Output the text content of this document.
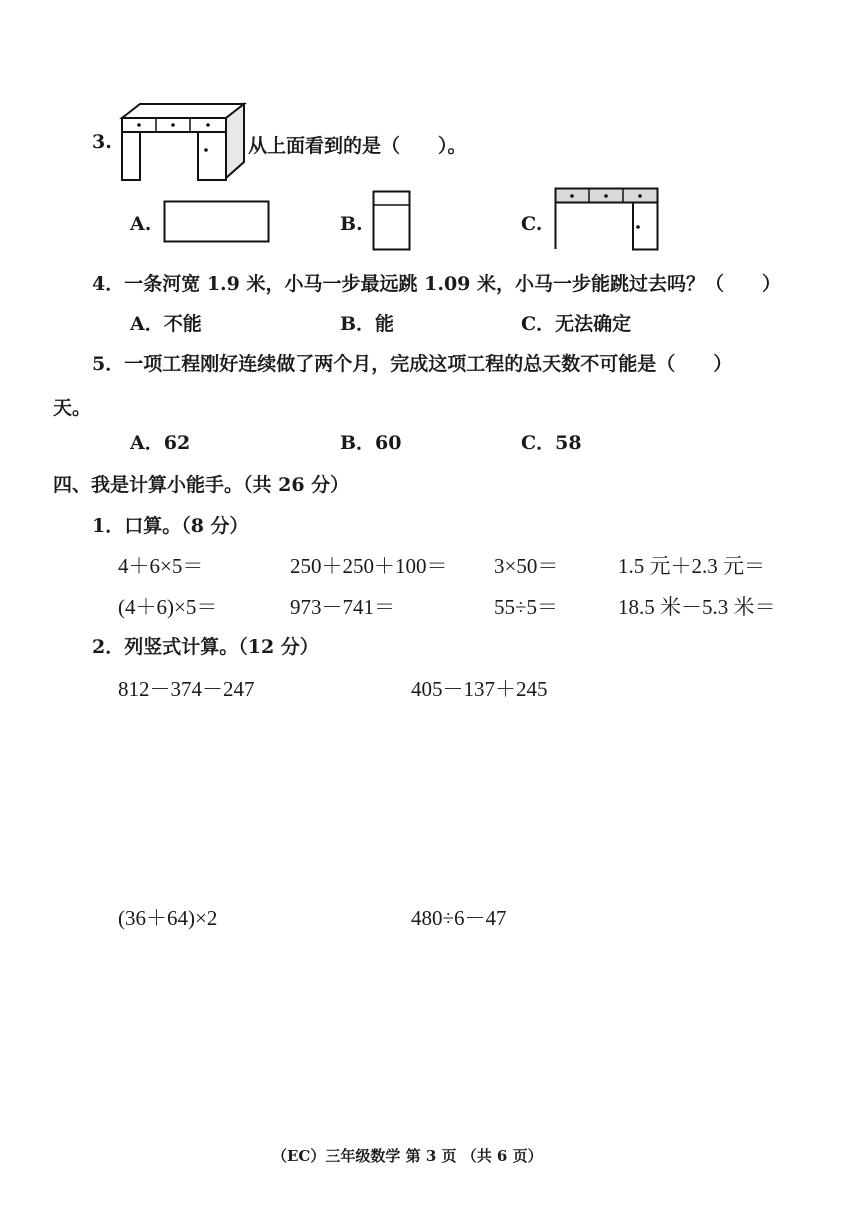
3.	从上面看到的是（　　）。
A.	B.	C.
4．一条河宽 1.9 米，小马一步最远跳 1.09 米，小马一步能跳过去吗？（　　）
A．不能	B．能	C．无法确定
5．一项工程刚好连续做了两个月，完成这项工程的总天数不可能是（　　）
天。
A．62	B．60	C．58
四、我是计算小能手。（共 26 分）
1．口算。（8 分）
4＋6×5＝	250＋250＋100＝ 3×50＝	1.5 元＋2.3 元＝
(4＋6)×5＝	973－741＝	55÷5＝	18.5 米－5.3 米＝
2．列竖式计算。（12 分）
812－374－247	405－137＋245
(36＋64)×2	480÷6－47
（EC）三年级数学 第 3 页 （共 6 页）
